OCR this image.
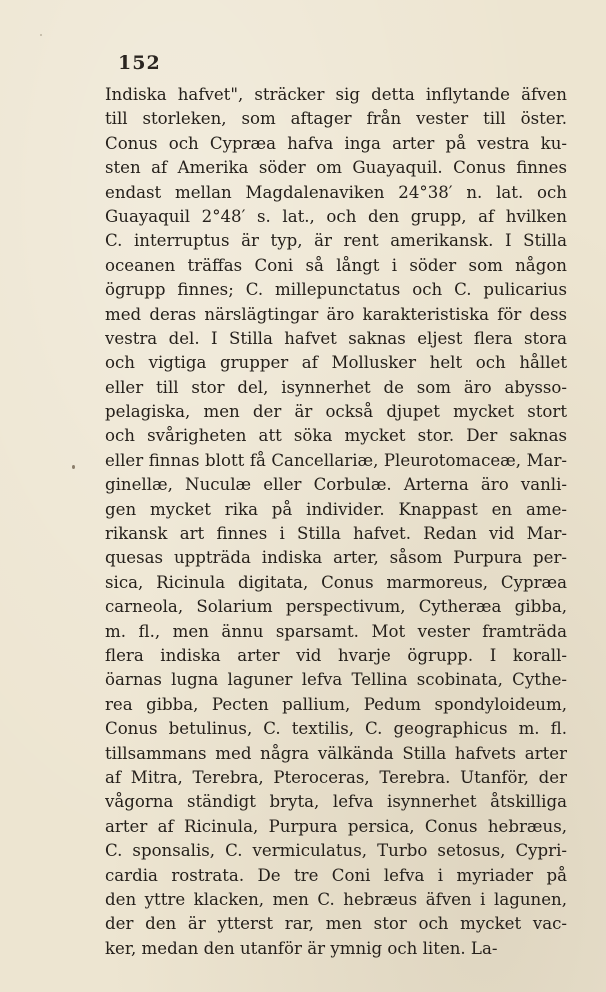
152
Indiska hafvet", sträcker sig detta inflytande äfven
till storleken, som aftager från vester till öster.
Conus och Cypræa hafva inga arter på vestra ku-
sten af Amerika söder om Guayaquil. Conus finnes
endast mellan Magdalenaviken 24°38′ n. lat. och
Guayaquil 2°48′ s. lat., och den grupp, af hvilken
C. interruptus är typ, är rent amerikansk. I Stilla
oceanen träffas Coni så långt i söder som någon
ögrupp finnes; C. millepunctatus och C. pulicarius
med deras närslägtingar äro karakteristiska för dess
vestra del. I Stilla hafvet saknas eljest flera stora
och vigtiga grupper af Mollusker helt och hållet
eller till stor del, isynnerhet de som äro abysso-
pelagiska, men der är också djupet mycket stort
och svårigheten att söka mycket stor. Der saknas
eller finnas blott få Cancellariæ, Pleurotomaceæ, Mar-
ginellæ, Nuculæ eller Corbulæ. Arterna äro vanli-
gen mycket rika på individer. Knappast en ame-
rikansk art finnes i Stilla hafvet. Redan vid Mar-
quesas uppträda indiska arter, såsom Purpura per-
sica, Ricinula digitata, Conus marmoreus, Cypræa
carneola, Solarium perspectivum, Cytheræa gibba,
m. fl., men ännu sparsamt. Mot vester framträda
flera indiska arter vid hvarje ögrupp. I korall-
öarnas lugna laguner lefva Tellina scobinata, Cythe-
rea gibba, Pecten pallium, Pedum spondyloideum,
Conus betulinus, C. textilis, C. geographicus m. fl.
tillsammans med några välkända Stilla hafvets arter
af Mitra, Terebra, Pteroceras, Terebra. Utanför, der
vågorna ständigt bryta, lefva isynnerhet åtskilliga
arter af Ricinula, Purpura persica, Conus hebræus,
C. sponsalis, C. vermiculatus, Turbo setosus, Cypri-
cardia rostrata. De tre Coni lefva i myriader på
den yttre klacken, men C. hebræus äfven i lagunen,
der den är ytterst rar, men stor och mycket vac-
ker, medan den utanför är ymnig och liten. La-
